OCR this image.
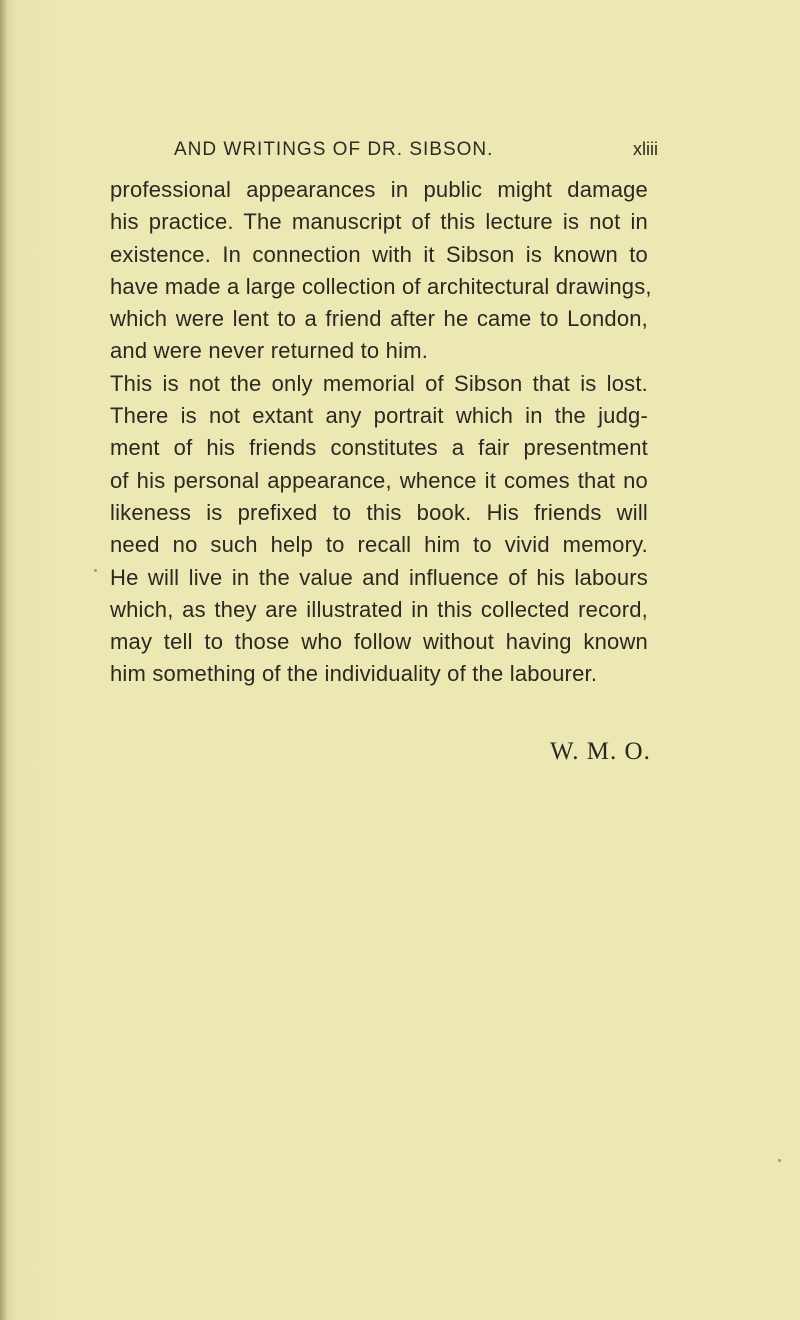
AND WRITINGS OF DR. SIBSON.	xliii
professional appearances in public might damage
his practice. The manuscript of this lecture is not in
existence. In connection with it Sibson is known to
have made a large collection of architectural drawings,
which were lent to a friend after he came to London,
and were never returned to him.
This is not the only memorial of Sibson that is lost.
There is not extant any portrait which in the judg-
ment of his friends constitutes a fair presentment
of his personal appearance, whence it comes that no
likeness is prefixed to this book. His friends will
need no such help to recall him to vivid memory.
He will live in the value and influence of his labours
which, as they are illustrated in this collected record,
may tell to those who follow without having known
him something of the individuality of the labourer.
W. M. O.
